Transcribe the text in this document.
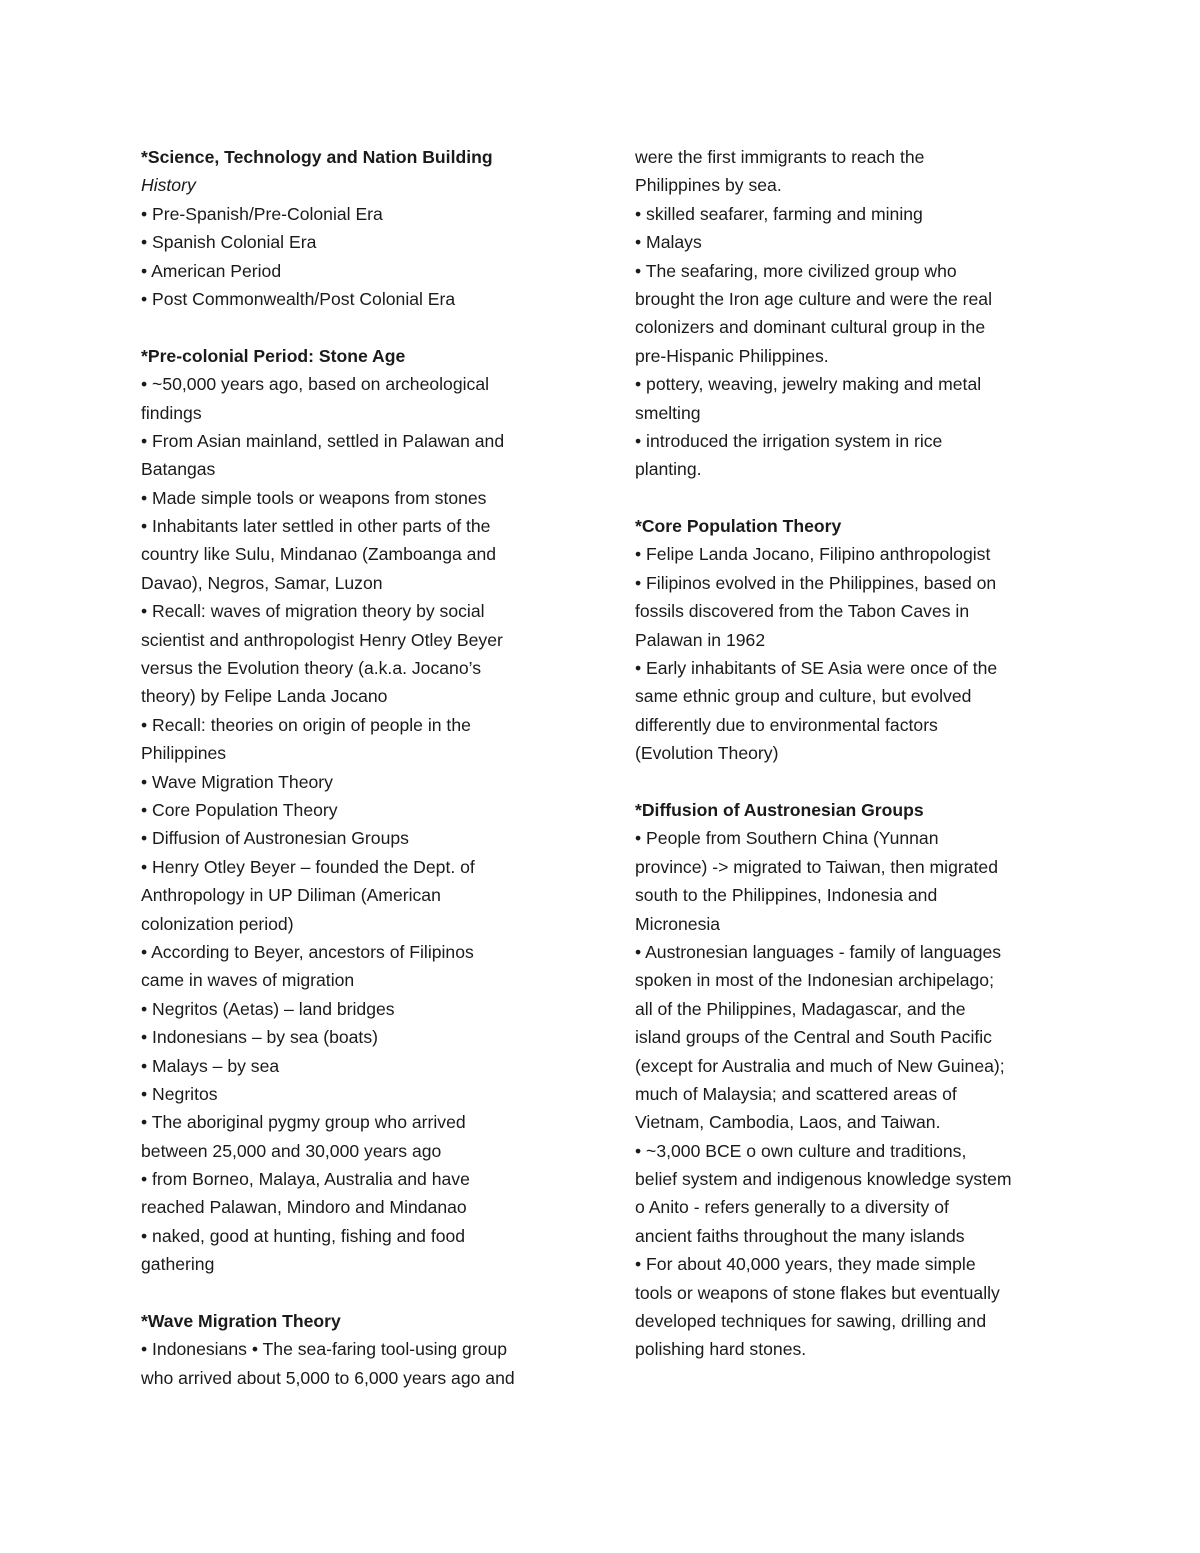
*Science, Technology and Nation Building
History
• Pre-Spanish/Pre-Colonial Era
• Spanish Colonial Era
• American Period
• Post Commonwealth/Post Colonial Era
*Pre-colonial Period: Stone Age
• ~50,000 years ago, based on archeological
findings
• From Asian mainland, settled in Palawan and
Batangas
• Made simple tools or weapons from stones
• Inhabitants later settled in other parts of the
country like Sulu, Mindanao (Zamboanga and
Davao), Negros, Samar, Luzon
• Recall: waves of migration theory by social
scientist and anthropologist Henry Otley Beyer
versus the Evolution theory (a.k.a. Jocano’s
theory) by Felipe Landa Jocano
• Recall: theories on origin of people in the
Philippines
• Wave Migration Theory
• Core Population Theory
• Diffusion of Austronesian Groups
• Henry Otley Beyer – founded the Dept. of
Anthropology in UP Diliman (American
colonization period)
• According to Beyer, ancestors of Filipinos
came in waves of migration
• Negritos (Aetas) – land bridges
• Indonesians – by sea (boats)
• Malays – by sea
• Negritos
• The aboriginal pygmy group who arrived
between 25,000 and 30,000 years ago
• from Borneo, Malaya, Australia and have
reached Palawan, Mindoro and Mindanao
• naked, good at hunting, fishing and food
gathering
*Wave Migration Theory
• Indonesians • The sea-faring tool-using group
who arrived about 5,000 to 6,000 years ago and
were the first immigrants to reach the
Philippines by sea.
• skilled seafarer, farming and mining
• Malays
• The seafaring, more civilized group who
brought the Iron age culture and were the real
colonizers and dominant cultural group in the
pre-Hispanic Philippines.
• pottery, weaving, jewelry making and metal
smelting
• introduced the irrigation system in rice
planting.
*Core Population Theory
• Felipe Landa Jocano, Filipino anthropologist
• Filipinos evolved in the Philippines, based on
fossils discovered from the Tabon Caves in
Palawan in 1962
• Early inhabitants of SE Asia were once of the
same ethnic group and culture, but evolved
differently due to environmental factors
(Evolution Theory)
*Diffusion of Austronesian Groups
• People from Southern China (Yunnan
province) -> migrated to Taiwan, then migrated
south to the Philippines, Indonesia and
Micronesia
• Austronesian languages - family of languages
spoken in most of the Indonesian archipelago;
all of the Philippines, Madagascar, and the
island groups of the Central and South Pacific
(except for Australia and much of New Guinea);
much of Malaysia; and scattered areas of
Vietnam, Cambodia, Laos, and Taiwan.
• ~3,000 BCE o own culture and traditions,
belief system and indigenous knowledge system
o Anito - refers generally to a diversity of
ancient faiths throughout the many islands
• For about 40,000 years, they made simple
tools or weapons of stone flakes but eventually
developed techniques for sawing, drilling and
polishing hard stones.
